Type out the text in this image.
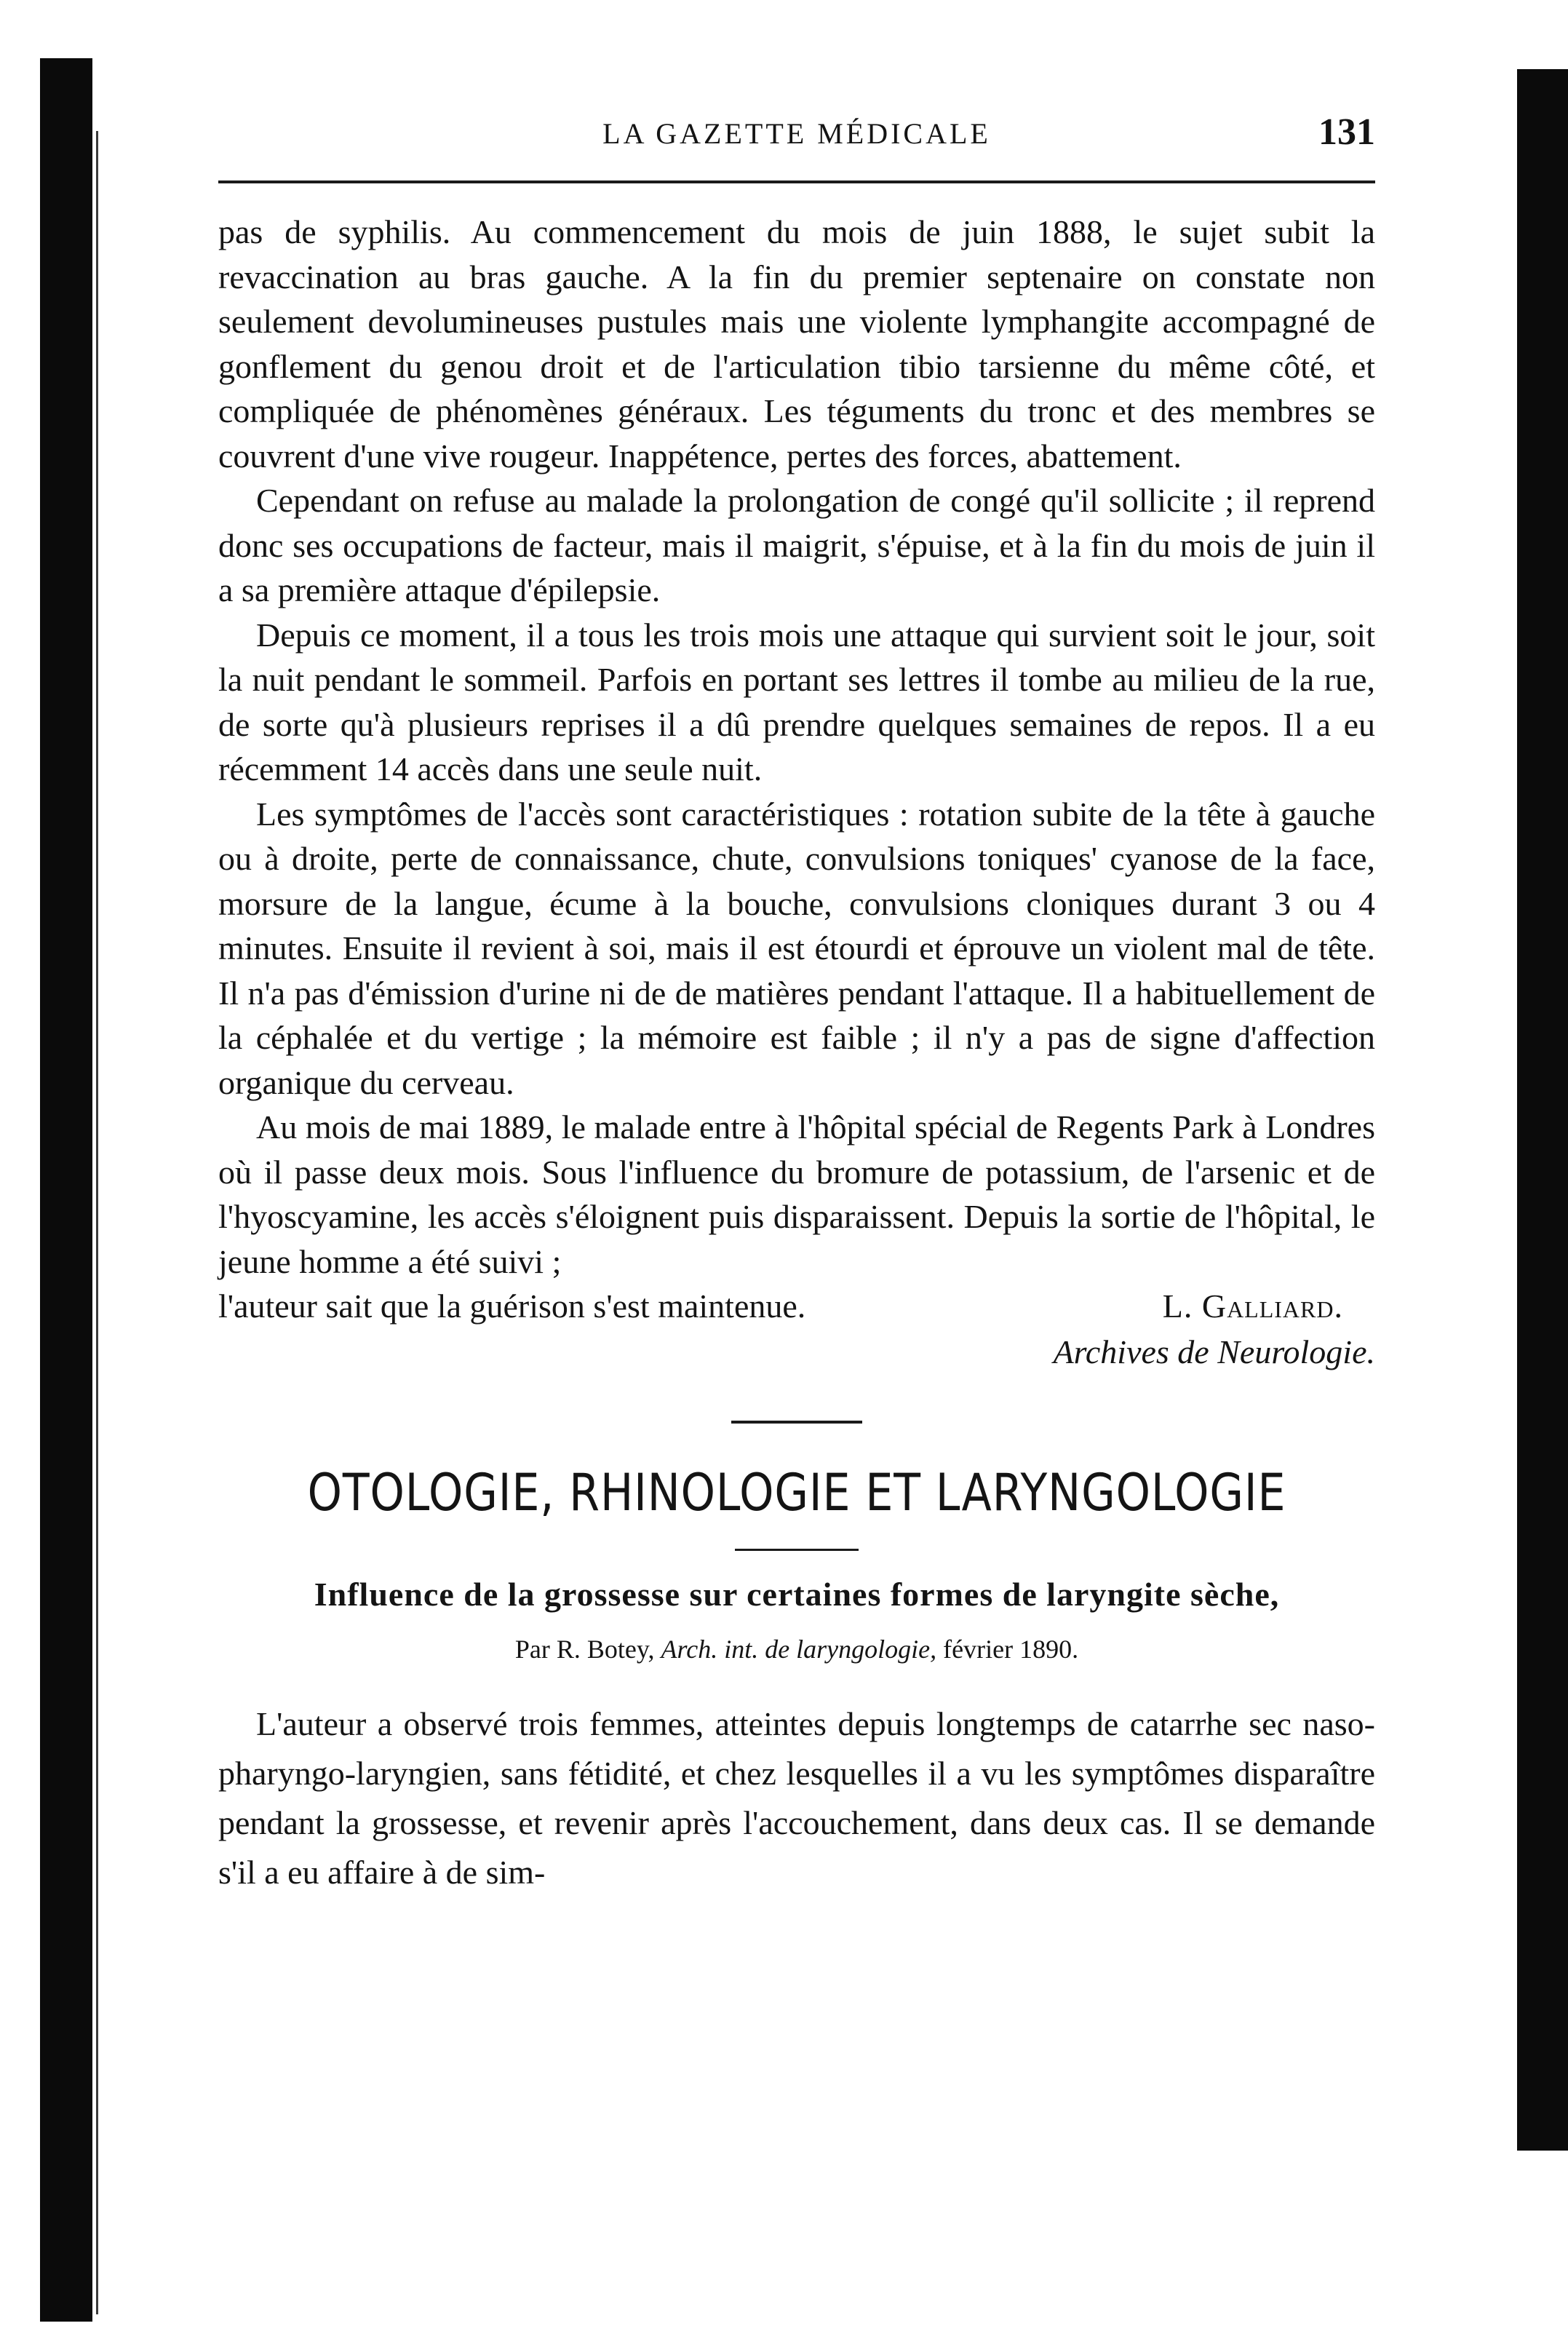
LA GAZETTE MÉDICALE	131

pas de syphilis. Au commencement du mois de juin 1888, le sujet subit la revaccination au bras gauche. A la fin du premier septenaire on constate non seulement devolumineuses pustules mais une violente lymphangite accompagné de gonflement du genou droit et de l'articulation tibio tarsienne du même côté, et compliquée de phénomènes généraux. Les téguments du tronc et des membres se couvrent d'une vive rougeur. Inappétence, pertes des forces, abattement.

Cependant on refuse au malade la prolongation de congé qu'il sollicite ; il reprend donc ses occupations de facteur, mais il maigrit, s'épuise, et à la fin du mois de juin il a sa première attaque d'épilepsie.

Depuis ce moment, il a tous les trois mois une attaque qui survient soit le jour, soit la nuit pendant le sommeil. Parfois en portant ses lettres il tombe au milieu de la rue, de sorte qu'à plusieurs reprises il a dû prendre quelques semaines de repos. Il a eu récemment 14 accès dans une seule nuit.

Les symptômes de l'accès sont caractéristiques : rotation subite de la tête à gauche ou à droite, perte de connaissance, chute, convulsions toniques' cyanose de la face, morsure de la langue, écume à la bouche, convulsions cloniques durant 3 ou 4 minutes. Ensuite il revient à soi, mais il est étourdi et éprouve un violent mal de tête. Il n'a pas d'émission d'urine ni de de matières pendant l'attaque. Il a habituellement de la céphalée et du vertige ; la mémoire est faible ; il n'y a pas de signe d'affection organique du cerveau.

Au mois de mai 1889, le malade entre à l'hôpital spécial de Regents Park à Londres où il passe deux mois. Sous l'influence du bromure de potassium, de l'arsenic et de l'hyoscyamine, les accès s'éloignent puis disparaissent. Depuis la sortie de l'hôpital, le jeune homme a été suivi ;

l'auteur sait que la guérison s'est maintenue.	L. Galliard.
Archives de Neurologie.
OTOLOGIE, RHINOLOGIE ET LARYNGOLOGIE
Influence de la grossesse sur certaines formes de laryngite sèche,
Par R. Botey, Arch. int. de laryngologie, février 1890.

L'auteur a observé trois femmes, atteintes depuis longtemps de catarrhe sec naso-pharyngo-laryngien, sans fétidité, et chez lesquelles il a vu les symptômes disparaître pendant la grossesse, et revenir après l'accouchement, dans deux cas. Il se demande s'il a eu affaire à de sim-
